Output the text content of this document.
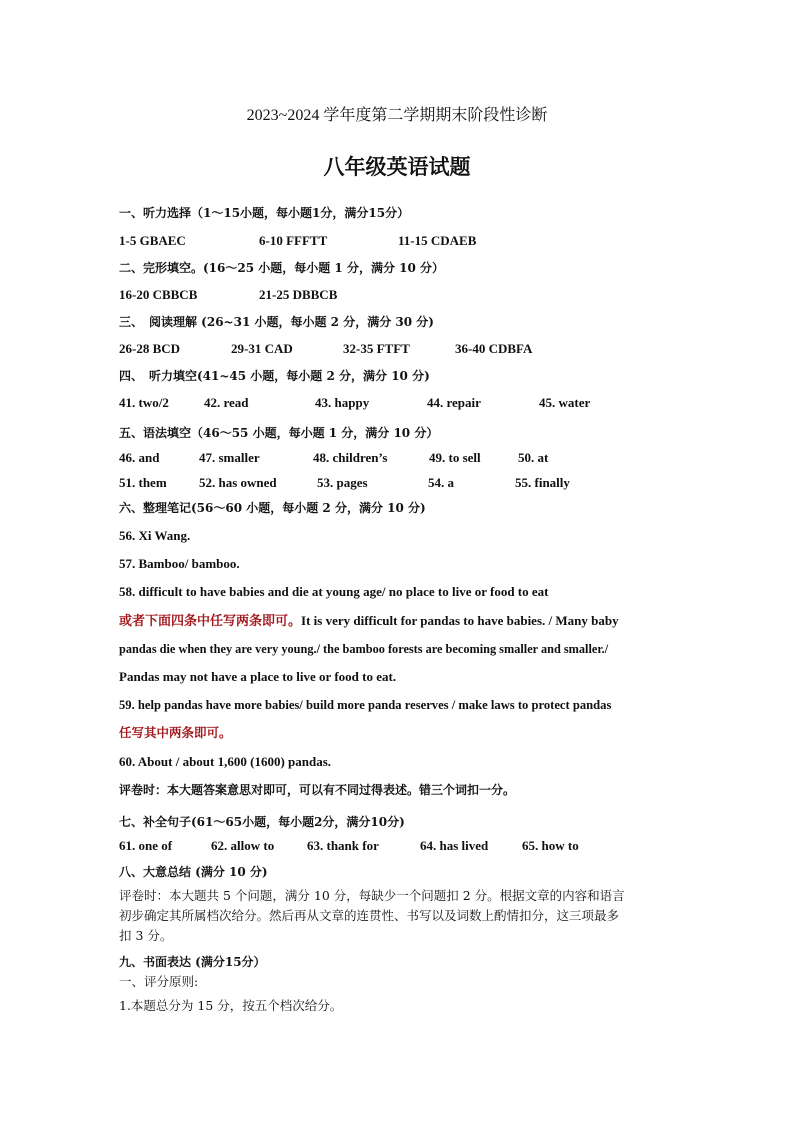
2023~2024 学年度第二学期期末阶段性诊断
八年级英语试题
一、听力选择（1～15小题，每小题1分，满分15分）
1-5 GBAEC	6-10 FFFTT	11-15 CDAEB
二、完形填空。(16～25 小题，每小题 1 分，满分 10 分）
16-20 CBBCB	21-25 DBBCB
三、　阅读理解 (26~31 小题，每小题 2 分，满分 30 分)
26-28 BCD	29-31 CAD	32-35 FTFT	36-40 CDBFA
四、　听力填空(41~45 小题，每小题 2 分，满分 10 分)
41. two/2	42. read	43. happy	44. repair	45. water
五、语法填空（46～55 小题，每小题 1 分，满分 10 分）
46. and	47. smaller	48. children’s	49. to sell	50. at
51. them 52. has owned	53. pages	54. a	55. finally
六、整理笔记(56～60 小题，每小题 2 分，满分 10 分)
56. Xi Wang.
57. Bamboo/ bamboo.
58. difficult to have babies and die at young age/ no place to live or food to eat
或者下面四条中任写两条即可。It is very difficult for pandas to have babies. / Many baby
pandas die when they are very young./ the bamboo forests are becoming smaller and smaller./
Pandas may not have a place to live or food to eat.
59. help pandas have more babies/ build more panda reserves / make laws to protect pandas
任写其中两条即可。
60. About / about 1,600 (1600) pandas.
评卷时：本大题答案意思对即可，可以有不同过得表述。错三个词扣一分。
七、补全句子(61～65小题，每小题2分，满分10分)
61. one of	62. allow to	63. thank for	64. has lived	65. how to
八、大意总结 (满分 10 分)
评卷时：本大题共 5 个问题，满分 10 分，每缺少一个问题扣 2 分。根据文章的内容和语言
初步确定其所属档次给分。然后再从文章的连贯性、书写以及词数上酌情扣分，这三项最多
扣 3 分。
九、书面表达 (满分15分）
一、评分原则:
1.本题总分为 15 分，按五个档次给分。
